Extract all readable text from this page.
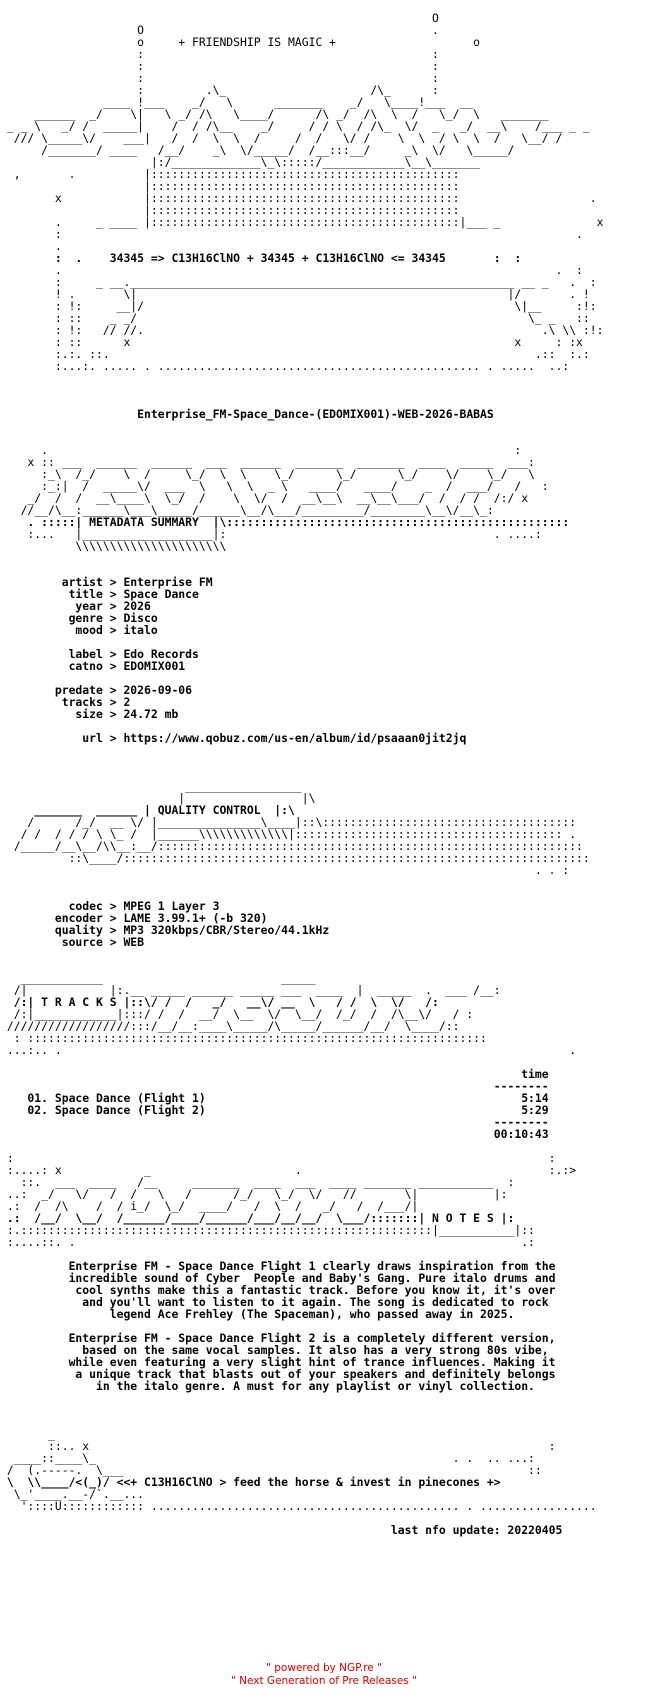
O
O                                          .
o     + FRIENDSHIP IS MAGIC +                    o
:                                          :
:                                          :
:                                          :
:         .\_                     /\_      :
____ !___    _/   \      _______    _/   \____!___  __
______  _/    \|   \ _/ /\   \____/      /\ _/  /\  \  /   \_/  \   _______
_ _ \   _/ /  _____|    /  / /\__    _/     / / \  / /\_  \/  _   _/  __\    /___ _ _
/// \_____\/    ___|   /  /  \  \  /     /  /   \/ /    \  \  / \  \  /   \__/ /
/_______/ ____   /__/    _\  \/_____/  /__:::__/     _\  \/   \_____/
|:/_____________\_\:::::/____________\__\_______
,       .          |:::::::::::::::::::::::::::::::::::::::::::::
|:::::::::::::::::::::::::::::::::::::::::::::
x            |:::::::::::::::::::::::::::::::::::::::::::::                   .
|:::::::::::::::::::::::::::::::::::::::::::::
.     _ ____ |:::::::::::::::::::::::::::::::::::::::::::::|___ _              x
:                                                                           .
.
:  .    34345 => C13H16ClNO + 34345 + C13H16ClNO <= 34345       :  :
.                                                                        .  :
:     _ __.________________________________________________________ __ _   .  :
! .       \|                                                      |/       . !
: !:     __|/                                                      \|__     :!:
: ::    _ _/                                                         \_ _   ::
: !:   // //.                                                          .\ \\ :!:
: ::      x                                                        x     : :x
:.:. ::.                                                              .::  :.:
:...:. ..... . ............................................... . .....  ..:
Enterprise_FM-Space_Dance-(EDOMIX001)-WEB-2026-BABAS
.                                                                    :
x :: ___  ______  ______  ___  ______  _______  _______  ____  _____  ___:
:_\  /_/    \  /     \_/  \  \    \_/      \_/      \_/    \/    \_/   \
:_:|  /  _____\/  ___  \   \  \  _ \   ____/   ____/    _  /  ___/   /   :
_/  /  /  __\____\  \_/  /    \  \/  /  __\__\  __\__\___/  /  / /  /:/ x
//__/\__:______\___\_____/______\__/\___/_________/________\__\/__\_:
. :::::| METADATA SUMMARY  |\::::::::::::::::::::::::::::::::::::::::::::::::::
:...   |___________________|:                                       . ....:
\\\\\\\\\\\\\\\\\\\\\\
artist > Enterprise FM
title > Space Dance
year > 2026
genre > Disco
mood > italo
label > Edo Records
catno > EDOMIX001
predate > 2026-09-06
tracks > 2
size > 24.72 mb
url > https://www.qobuz.com/us-en/album/id/psaaan0jit2jq
_________________
|                 |\
_______  ______ | QUALITY CONTROL  |:\
/      /_/  __ \/ |_______________\____|::\:::::::::::::::::::::::::::::::::::::
/ /  / / / \ \_ /  |______\\\\\\\\\\\\\|::::::::::::::::::::::::::::::::::::::: .
/_____/__\__/\\__:__/::::::::::::::::::::::::::::::::::::::::::::::::::::::::::::::
::\____/::::::::::::::::::::::::::::::::::::::::::::::::::::::::::::::::::::
. . :
codec > MPEG 1 Layer 3
encoder > LAME 3.99.1+ (-b 320)
quality > MP3 320kbps/CBR/Stereo/44.1kHz
source > WEB
____________                          _____
/|            |:.__ _____ ______ _____ ___  ____  |  _____  .  ___ /__:
/:| T R A C K S |::\/ /  /   _/   __\/ __  \   / /  \  \/   /:
/:|____________|:::/ /  /  __/  \__  \/  \__/  /_/  /  /\__\/   / :
//////////////////:::/__/__:____\_____/\_____/______/__/  \____/::
: :::::::::::::::::::::::::::::::::::::::::::::::::::::::::::::::::::
...:.. .                                                                          .
time
--------
01. Space Dance (Flight 1)                                              5:14
02. Space Dance (Flight 2)                                              5:29
--------
00:10:43
:                                                                              :
:....: x            _                     .                                    :.:>
::.  ___  ____   /__     _______  ____  ___  ____ _______ ___________  :
..:  _/   \/   /  /   \   /      /_/   \_/  \/   //       \|           |:
.:  /  /\    /  / i_/  \_/  ____/   /  \  /   _/   /  /___/|
.:  /__/  \__/  /______/____/______/___/__/__/  \___/:::::::| N O T E S |:
:.::::::::::::::::::::::::::::::::::::::::::::::::::::::::::::|___________|::
:....::. .                                                                 .:
Enterprise FM - Space Dance Flight 1 clearly draws inspiration from the
incredible sound of Cyber  People and Baby's Gang. Pure italo drums and
cool synths make this a fantastic track. Before you know it, it's over
and you'll want to listen to it again. The song is dedicated to rock
legend Ace Frehley (The Spaceman), who passed away in 2025.
Enterprise FM - Space Dance Flight 2 is a completely different version,
based on the same vocal samples. It also has a very strong 80s vibe,
while even featuring a very slight hint of trance influences. Making it
a unique track that blasts out of your speakers and definitely belongs
in the italo genre. A must for any playlist or vinyl collection.
_
::.. x                                                                   :
____::____\_                                                    . .  .. ...:
/  (.-----.  \___                                                           ::
\  \\____/<(_)/ <<+ C13H16ClNO > feed the horse & invest in pinecones +>
\_'____.__-/`.__...
'::::U:::::::::::: ............................................. . .................
last nfo update: 20220405
" powered by NGP.re "
" Next Generation of Pre Releases "
